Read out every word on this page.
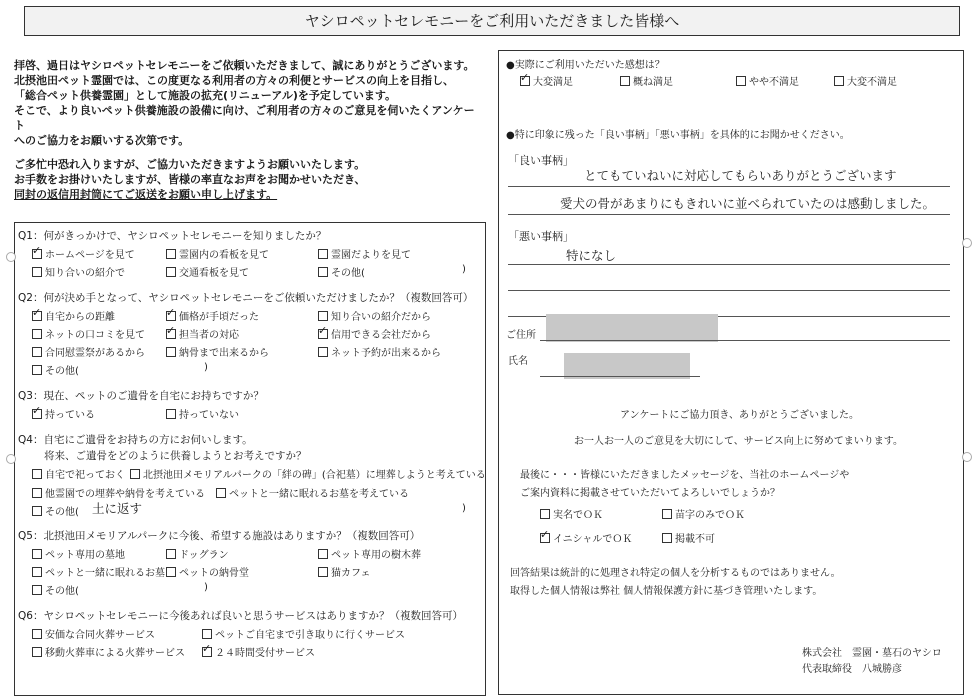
ヤシロペットセレモニーをご利用いただきました皆様へ

拝啓、過日はヤシロペットセレモニーをご依頼いただきまして、誠にありがとうございます。

北摂池田ペット霊園では、この度更なる利用者の方々の利便とサービスの向上を目指し、

「総合ペット供養霊園」として施設の拡充(リニューアル)を予定しています。

そこで、より良いペット供養施設の設備に向け、ご利用者の方々のご意見を伺いたくアンケート

へのご協力をお願いする次第です。

ご多忙中恐れ入りますが、ご協力いただきますようお願いいたします。

お手数をお掛けいたしますが、皆様の率直なお声をお聞かせいただき、

同封の返信用封筒にてご返送をお願い申し上げます。

Q1：何がきっかけで、ヤシロペットセレモニーを知りましたか？
✓ホームページを見て	霊園内の看板を見て	霊園だよりを見て
知り合いの紹介で	交通看板を見て	その他(	)
Q2：何が決め手となって、ヤシロペットセレモニーをご依頼いただけましたか？（複数回答可）
✓自宅からの距離 ✓	価格が手頃だった	知り合いの紹介だから
ネットの口コミを見て ✓	担当者の対応 ✓	信用できる会社だから
合同慰霊祭があるから	納骨まで出来るから	ネット予約が出来るから
その他(	)
Q3：現在、ペットのご遺骨を自宅にお持ちですか？
✓持っている	持っていない
Q4：自宅にご遺骨をお持ちの方にお伺いします。
将来、ご遺骨をどのように供養しようとお考えですか？
自宅で祀っておく	北摂池田メモリアルパークの「絆の碑」(合祀墓）に埋葬しようと考えている
他霊園での埋葬や納骨を考えている	ペットと一緒に眠れるお墓を考えている
その他( 土に返す	)
Q5：北摂池田メモリアルパークに今後、希望する施設はありますか？（複数回答可）
ペット専用の墓地	ドッグラン	ペット専用の樹木葬
ペットと一緒に眠れるお墓	ペットの納骨堂	猫カフェ
その他(	)
Q6：ヤシロペットセレモニーに今後あれば良いと思うサービスはありますか？（複数回答可）
安価な合同火葬サービス	ペットご自宅まで引き取りに行くサービス
移動火葬車による火葬サービス ✓	２４時間受付サービス
●実際にご利用いただいた感想は？
✓大変満足	概ね満足	やや不満足	大変不満足
●特に印象に残った「良い事柄」「悪い事柄」を具体的にお聞かせください。
「良い事柄」
とてもていねいに対応してもらいありがとうございます
愛犬の骨があまりにもきれいに並べられていたのは感動しました。
「悪い事柄」
特になし
ご住所
氏名
アンケートにご協力頂き、ありがとうございました。
お一人お一人のご意見を大切にして、サービス向上に努めてまいります。
最後に・・・皆様にいただきましたメッセージを、当社のホームページや
ご案内資料に掲載させていただいてよろしいでしょうか？
実名でＯＫ	苗字のみでＯＫ
✓イニシャルでＯＫ	掲載不可
回答結果は統計的に処理され特定の個人を分析するものではありません。
取得した個人情報は弊社 個人情報保護方針に基づき管理いたします。
株式会社　霊園・墓石のヤシロ
代表取締役　八城勝彦
